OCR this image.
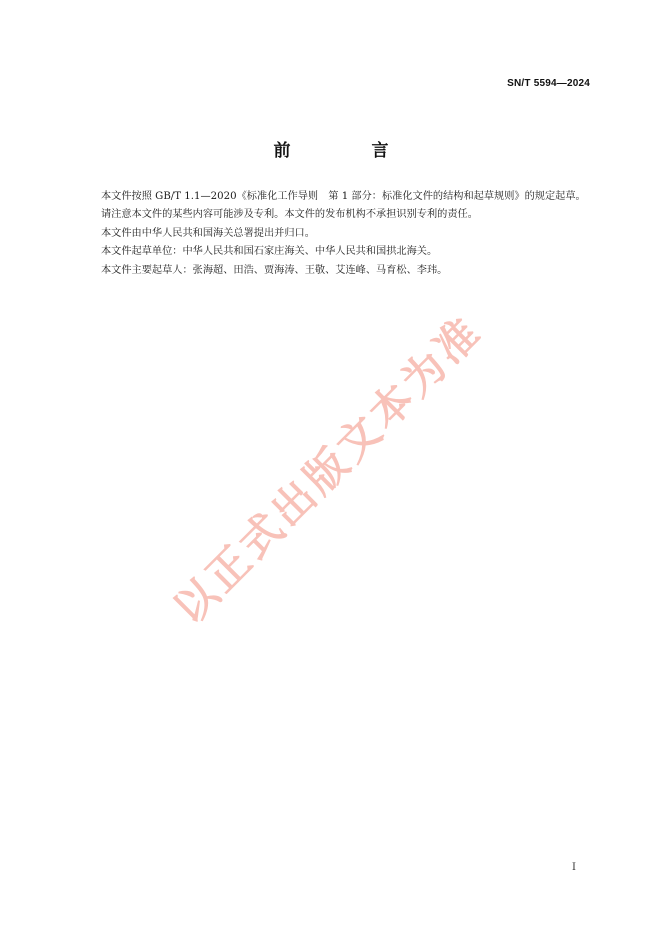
SN/T 5594—2024
前　言

本文件按照 GB/T 1.1—2020《标准化工作导则　第 1 部分：标准化文件的结构和起草规则》的规定起草。

请注意本文件的某些内容可能涉及专利。本文件的发布机构不承担识别专利的责任。

本文件由中华人民共和国海关总署提出并归口。

本文件起草单位：中华人民共和国石家庄海关、中华人民共和国拱北海关。

本文件主要起草人：张海超、田浩、贾海涛、王敬、艾连峰、马育松、李玮。

以正式出版文本为准
I
